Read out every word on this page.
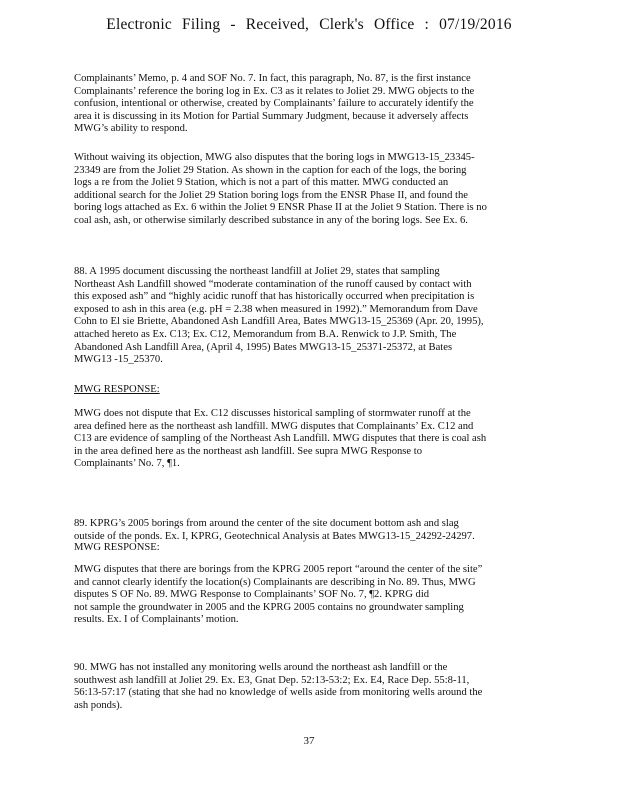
Electronic Filing - Received, Clerk's Office : 07/19/2016
Complainants’ Memo, p. 4 and SOF No. 7. In fact, this paragraph, No. 87, is the first instance
Complainants’ reference the boring log in Ex. C3 as it relates to Joliet 29. MWG objects to the
confusion, intentional or otherwise, created by Complainants’ failure to accurately identify the
area it is discussing in its Motion for Partial Summary Judgment, because it adversely affects
MWG’s ability to respond.
Without waiving its objection, MWG also disputes that the boring logs in MWG13-15_23345-
23349 are from the Joliet 29 Station. As shown in the caption for each of the logs, the boring
logs a re from the Joliet 9 Station, which is not a part of this matter. MWG conducted an
additional search for the Joliet 29 Station boring logs from the ENSR Phase II, and found the
boring logs attached as Ex. 6 within the Joliet 9 ENSR Phase II at the Joliet 9 Station. There is no
coal ash, ash, or otherwise similarly described substance in any of the boring logs. See Ex. 6.
88. A 1995 document discussing the northeast landfill at Joliet 29, states that sampling
Northeast Ash Landfill showed “moderate contamination of the runoff caused by contact with
this exposed ash” and “highly acidic runoff that has historically occurred when precipitation is
exposed to ash in this area (e.g. pH = 2.38 when measured in 1992).” Memorandum from Dave
Cohn to El sie Briette, Abandoned Ash Landfill Area, Bates MWG13-15_25369 (Apr. 20, 1995),
attached hereto as Ex. C13; Ex. C12, Memorandum from B.A. Renwick to J.P. Smith, The
Abandoned Ash Landfill Area, (April 4, 1995) Bates MWG13-15_25371-25372, at Bates
MWG13 -15_25370.
MWG RESPONSE:
MWG does not dispute that Ex. C12 discusses historical sampling of stormwater runoff at the
area defined here as the northeast ash landfill. MWG disputes that Complainants’ Ex. C12 and
C13 are evidence of sampling of the Northeast Ash Landfill. MWG disputes that there is coal ash
in the area defined here as the northeast ash landfill. See supra MWG Response to
Complainants’ No. 7, ¶1.
89. KPRG’s 2005 borings from around the center of the site document bottom ash and slag
outside of the ponds. Ex. I, KPRG, Geotechnical Analysis at Bates MWG13-15_24292-24297.
MWG RESPONSE:
MWG disputes that there are borings from the KPRG 2005 report “around the center of the site”
and cannot clearly identify the location(s) Complainants are describing in No. 89. Thus, MWG
disputes S OF No. 89. MWG Response to Complainants’ SOF No. 7, ¶2. KPRG did
not sample the groundwater in 2005 and the KPRG 2005 contains no groundwater sampling
results. Ex. I of Complainants’ motion.
90. MWG has not installed any monitoring wells around the northeast ash landfill or the
southwest ash landfill at Joliet 29. Ex. E3, Gnat Dep. 52:13-53:2; Ex. E4, Race Dep. 55:8-11,
56:13-57:17 (stating that she had no knowledge of wells aside from monitoring wells around the
ash ponds).
37
